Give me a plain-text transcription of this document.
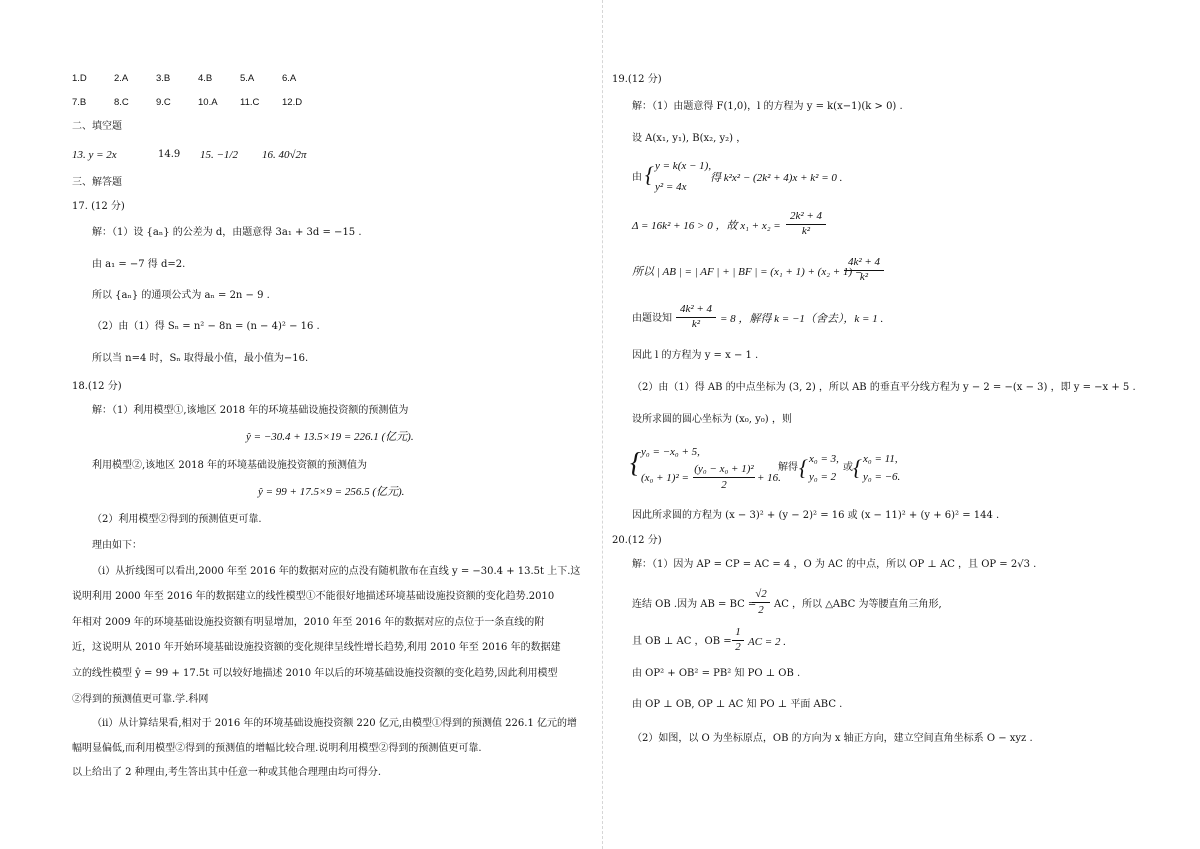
1.D	2.A	3.B	4.B	5.A	6.A
7.B	8.C	9.C	10.A 11.C 12.D
二、填空题
13. y = 2x	14.9 15. −1/2 16. 40√2π
三、解答题
17. (12 分)
解：（1）设 {aₙ} 的公差为 d，由题意得 3a₁ + 3d = −15 .
由 a₁ = −7 得 d=2.
所以 {aₙ} 的通项公式为 aₙ = 2n − 9 .
（2）由（1）得 Sₙ = n² − 8n = (n − 4)² − 16 .
所以当 n=4 时，Sₙ 取得最小值，最小值为−16.
18.(12 分)
解：（1）利用模型①,该地区 2018 年的环境基础设施投资额的预测值为
ŷ = −30.4 + 13.5×19 = 226.1 (亿元).
利用模型②,该地区 2018 年的环境基础设施投资额的预测值为
ŷ = 99 + 17.5×9 = 256.5 (亿元).
（2）利用模型②得到的预测值更可靠.
理由如下：
（ⅰ）从折线图可以看出,2000 年至 2016 年的数据对应的点没有随机散布在直线 y = −30.4 + 13.5t 上下.这
说明利用 2000 年至 2016 年的数据建立的线性模型①不能很好地描述环境基础设施投资额的变化趋势.2010
年相对 2009 年的环境基础设施投资额有明显增加，2010 年至 2016 年的数据对应的点位于一条直线的附
近，这说明从 2010 年开始环境基础设施投资额的变化规律呈线性增长趋势,利用 2010 年至 2016 年的数据建
立的线性模型 ŷ = 99 + 17.5t 可以较好地描述 2010 年以后的环境基础设施投资额的变化趋势,因此利用模型
②得到的预测值更可靠.学.科网
（ⅱ）从计算结果看,相对于 2016 年的环境基础设施投资额 220 亿元,由模型①得到的预测值 226.1 亿元的增
幅明显偏低,而利用模型②得到的预测值的增幅比较合理.说明利用模型②得到的预测值更可靠.
以上给出了 2 种理由,考生答出其中任意一种或其他合理理由均可得分.
19.(12 分)
解：（1）由题意得 F(1,0)，l 的方程为 y = k(x−1)(k > 0) .
设 A(x₁, y₁), B(x₂, y₂) ，
由 { y = k(x − 1),
y² = 4x
得 k²x² − (2k² + 4)x + k² = 0 .
Δ = 16k² + 16 > 0 ，故 x₁ + x₂ =
2k² + 4
k²
所以 | AB | = | AF | + | BF | = (x₁ + 1) + (x₂ + 1) =
4k² + 4
k²
由题设知
4k² + 4
k²	= 8 ，解得 k = −1（舍去），k = 1 .
因此 l 的方程为 y = x − 1 .
（2）由（1）得 AB 的中点坐标为 (3, 2) ，所以 AB 的垂直平分线方程为 y − 2 = −(x − 3) ，即 y = −x + 5 .
设所求圆的圆心坐标为 (x₀, y₀) ，则
{ y₀ = −x₀ + 5,
(x₀ + 1)² =
(y₀ − x₀ + 1)²
2
+ 16.
解得 { x₀ = 3,
y₀ = 2
或 { x₀ = 11,
y₀ = −6.
因此所求圆的方程为 (x − 3)² + (y − 2)² = 16 或 (x − 11)² + (y + 6)² = 144 .
20.(12 分)
解：（1）因为 AP = CP = AC = 4 ，O 为 AC 的中点，所以 OP ⊥ AC ，且 OP = 2√3 .
连结 OB .因为 AB = BC =
√2
2	AC ，所以 △ABC 为等腰直角三角形,
且 OB ⊥ AC ，OB =
1
2 AC = 2 .
由 OP² + OB² = PB² 知 PO ⊥ OB .
由 OP ⊥ OB, OP ⊥ AC 知 PO ⊥ 平面 ABC .
（2）如图，以 O 为坐标原点，OB 的方向为 x 轴正方向，建立空间直角坐标系 O − xyz .
